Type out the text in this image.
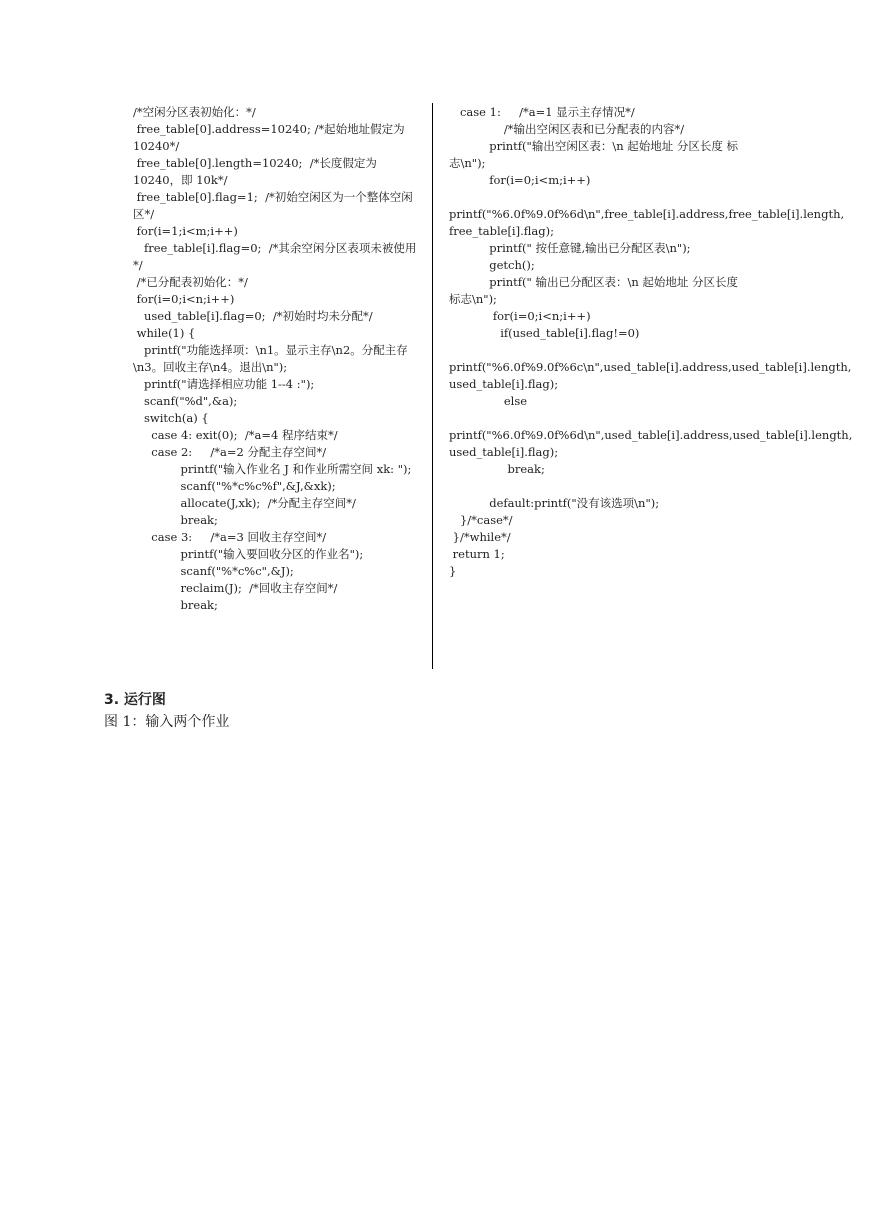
/*空闲分区表初始化：*/
free_table[0].address=10240; /*起始地址假定为 10240*/
free_table[0].length=10240;  /*长度假定为 10240，即 10k*/
free_table[0].flag=1;  /*初始空闲区为一个整体空闲区*/
for(i=1;i<m;i++)
free_table[i].flag=0;  /*其余空闲分区表项未被使用*/
/*已分配表初始化：*/
for(i=0;i<n;i++)
used_table[i].flag=0;  /*初始时均未分配*/
while(1) {
printf("功能选择项：\n1。显示主存\n2。分配主存\n3。回收主存\n4。退出\n");
printf("请选择相应功能 1--4 :");
scanf("%d",&a);
switch(a) {
case 4: exit(0);  /*a=4 程序结束*/
case 2:     /*a=2 分配主存空间*/
printf("输入作业名 J 和作业所需空间 xk: ");
scanf("%*c%c%f",&J,&xk);
allocate(J,xk);  /*分配主存空间*/
break;
case 3:     /*a=3 回收主存空间*/
printf("输入要回收分区的作业名");
scanf("%*c%c",&J);
reclaim(J);  /*回收主存空间*/
break;
case 1:     /*a=1 显示主存情况*/
/*输出空闲区表和已分配表的内容*/
printf("输出空闲区表：\n 起始地址 分区长度 标志\n");
for(i=0;i<m;i++)
printf("%6.0f%9.0f%6d\n",free_table[i].address,free_table[i].length, free_table[i].flag);
printf(" 按任意键,输出已分配区表\n");
getch();
printf(" 输出已分配区表：\n 起始地址 分区长度 标志\n");
for(i=0;i<n;i++)
if(used_table[i].flag!=0)
printf("%6.0f%9.0f%6c\n",used_table[i].address,used_table[i].length, used_table[i].flag);
else
printf("%6.0f%9.0f%6d\n",used_table[i].address,used_table[i].length, used_table[i].flag);
break;
default:printf("没有该选项\n");
}/*case*/
}/*while*/
return 1;
}
3. 运行图
图 1：输入两个作业
